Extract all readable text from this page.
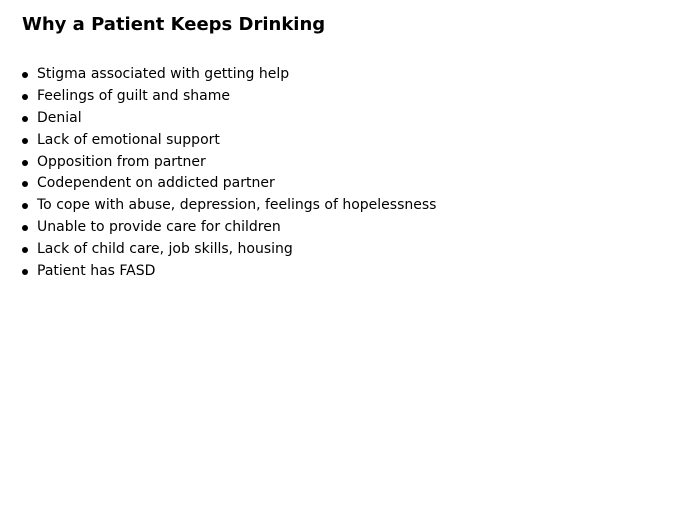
Why a Patient Keeps Drinking
Stigma associated with getting help
Feelings of guilt and shame
Denial
Lack of emotional support
Opposition from partner
Codependent on addicted partner
To cope with abuse, depression, feelings of hopelessness
Unable to provide care for children
Lack of child care, job skills, housing
Patient has FASD
